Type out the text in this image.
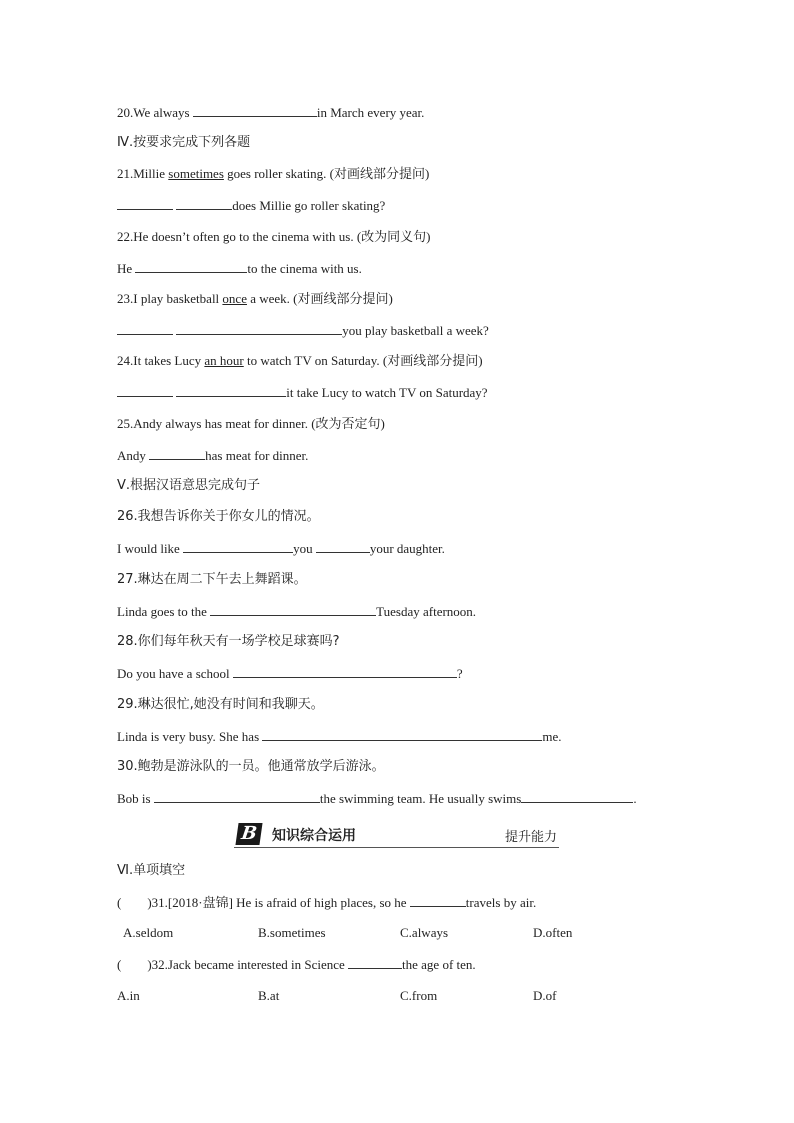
20.We always	in March every year.
Ⅳ.按要求完成下列各题
21.Millie sometimes goes roller skating. (对画线部分提问)
does Millie go roller skating?
22.He doesn’t often go to the cinema with us. (改为同义句)
He	to the cinema with us.
23.I play basketball once a week. (对画线部分提问)
you play basketball a week?
24.It takes Lucy an hour to watch TV on Saturday. (对画线部分提问)
it take Lucy to watch TV on Saturday?
25.Andy always has meat for dinner. (改为否定句)
Andy	has meat for dinner.
Ⅴ.根据汉语意思完成句子
26.我想告诉你关于你女儿的情况。
I would like	you	your daughter.
27.琳达在周二下午去上舞蹈课。
Linda goes to the	Tuesday afternoon.
28.你们每年秋天有一场学校足球赛吗?
Do you have a school	?
29.琳达很忙,她没有时间和我聊天。
Linda is very busy. She has	me.
30.鲍勃是游泳队的一员。他通常放学后游泳。
Bob is	the swimming team. He usually swims	.
B 知识综合运用	提升能力
Ⅵ.单项填空
(　　)31.[2018·盘锦] He is afraid of high places, so he	travels by air.
A.seldom	B.sometimes	C.always	D.often
(　　)32.Jack became interested in Science	the age of ten.
A.in	B.at	C.from	D.of
